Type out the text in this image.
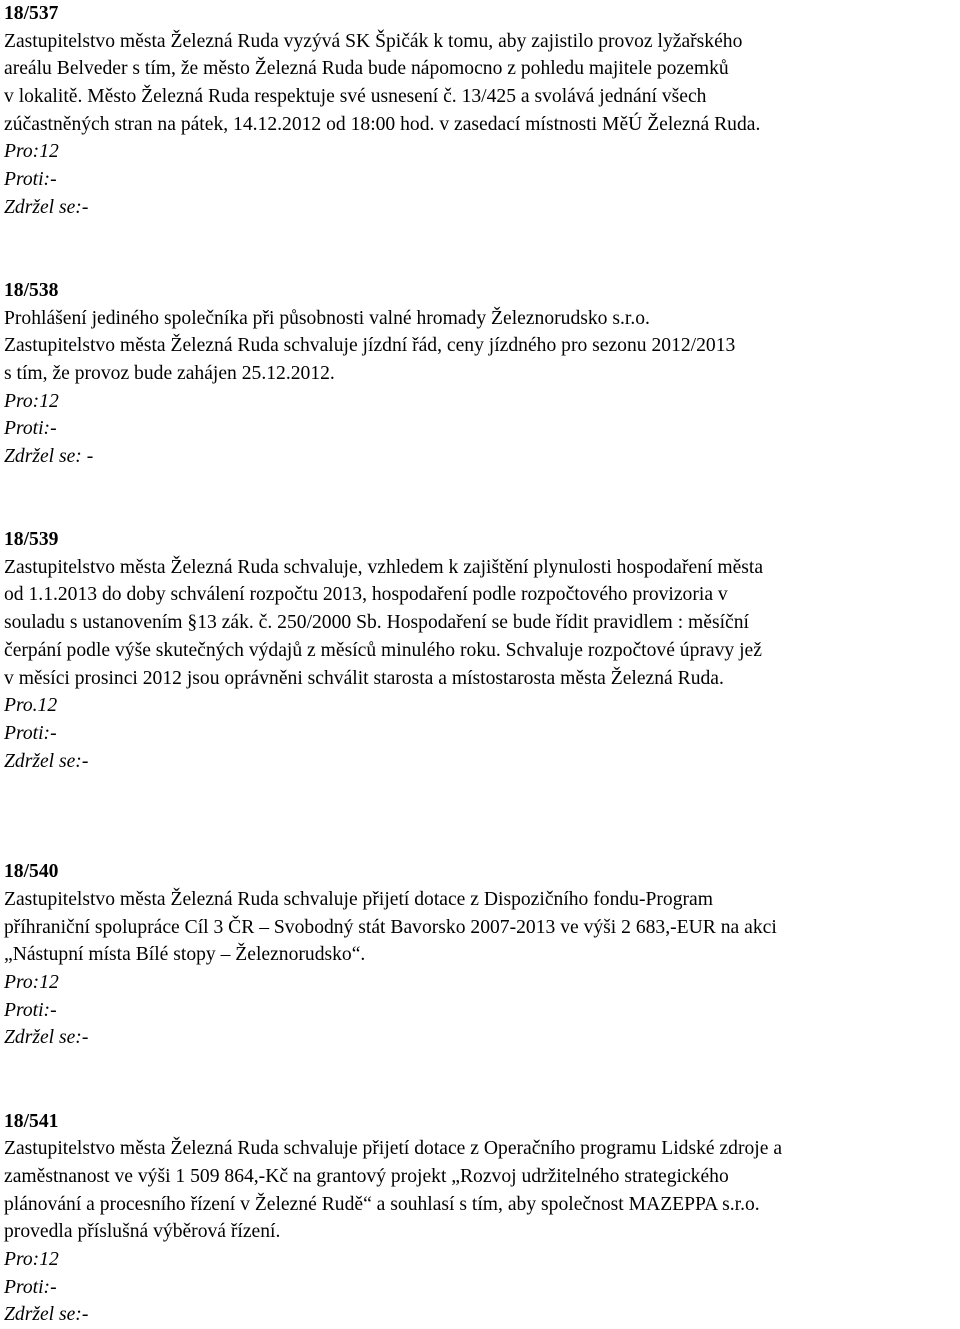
18/537
Zastupitelstvo města Železná Ruda vyzývá SK Špičák k tomu, aby zajistilo provoz lyžařského
areálu Belveder s tím, že město Železná Ruda bude nápomocno z pohledu majitele pozemků
v lokalitě. Město Železná Ruda respektuje své usnesení č. 13/425 a svolává jednání všech
zúčastněných stran na pátek, 14.12.2012 od 18:00 hod. v zasedací místnosti MěÚ Železná Ruda.
Pro:12
Proti:-
Zdržel se:-
18/538
Prohlášení jediného společníka při působnosti valné hromady Železnorudsko s.r.o.
Zastupitelstvo města Železná Ruda schvaluje jízdní řád, ceny jízdného pro sezonu 2012/2013
s tím, že provoz bude zahájen 25.12.2012.
Pro:12
Proti:-
Zdržel se: -
18/539
Zastupitelstvo města Železná Ruda schvaluje, vzhledem k zajištění plynulosti hospodaření města
od 1.1.2013 do doby schválení rozpočtu 2013, hospodaření podle rozpočtového provizoria v
souladu s ustanovením §13 zák. č. 250/2000 Sb. Hospodaření se bude řídit pravidlem : měsíční
čerpání podle výše skutečných výdajů z měsíců minulého roku. Schvaluje rozpočtové úpravy jež
v měsíci prosinci 2012 jsou oprávněni schválit starosta a místostarosta města Železná Ruda.
Pro.12
Proti:-
Zdržel se:-
18/540
Zastupitelstvo města Železná Ruda schvaluje přijetí dotace z Dispozičního fondu-Program
příhraniční spolupráce Cíl 3 ČR – Svobodný stát Bavorsko 2007-2013 ve výši 2 683,-EUR na akci
„Nástupní místa Bílé stopy – Železnorudsko“.
Pro:12
Proti:-
Zdržel se:-
18/541
Zastupitelstvo města Železná Ruda schvaluje přijetí dotace z Operačního programu Lidské zdroje a
zaměstnanost ve výši 1 509 864,-Kč na grantový projekt „Rozvoj udržitelného strategického
plánování a procesního řízení v Železné Rudě“ a souhlasí s tím, aby společnost MAZEPPA s.r.o.
provedla příslušná výběrová řízení.
Pro:12
Proti:-
Zdržel se:-
